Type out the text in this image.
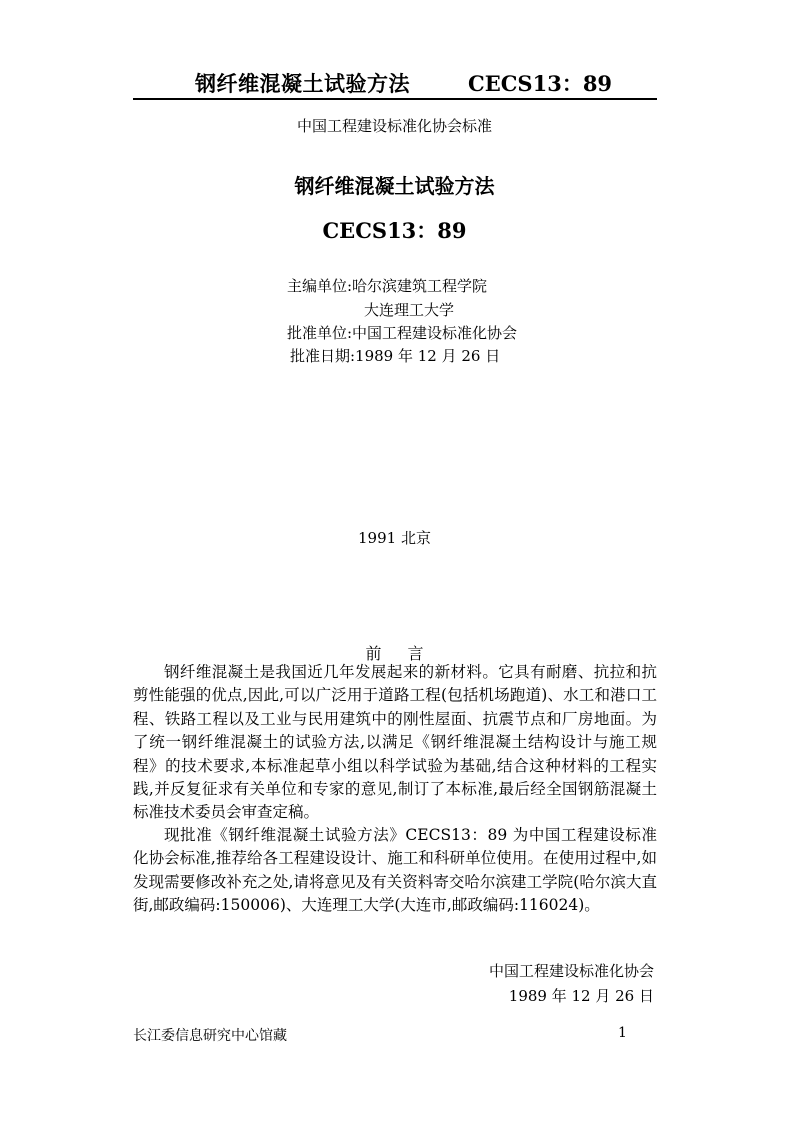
钢纤维混凝土试验方法	CECS13：89
中国工程建设标准化协会标准
钢纤维混凝土试验方法
CECS13：89
主编单位:哈尔滨建筑工程学院
大连理工大学
批准单位:中国工程建设标准化协会
批准日期:1989 年 12 月 26 日
1991 北京
前言

钢纤维混凝土是我国近几年发展起来的新材料。它具有耐磨、抗拉和抗剪性能强的优点,因此,可以广泛用于道路工程(包括机场跑道)、水工和港口工程、铁路工程以及工业与民用建筑中的刚性屋面、抗震节点和厂房地面。为了统一钢纤维混凝土的试验方法,以满足《钢纤维混凝土结构设计与施工规程》的技术要求,本标准起草小组以科学试验为基础,结合这种材料的工程实践,并反复征求有关单位和专家的意见,制订了本标准,最后经全国钢筋混凝土标准技术委员会审查定稿。

现批准《钢纤维混凝土试验方法》CECS13：89 为中国工程建设标准化协会标准,推荐给各工程建设设计、施工和科研单位使用。在使用过程中,如发现需要修改补充之处,请将意见及有关资料寄交哈尔滨建工学院(哈尔滨大直街,邮政编码:150006)、大连理工大学(大连市,邮政编码:116024)。

中国工程建设标准化协会
1989 年 12 月 26 日
长江委信息研究中心馆藏	1
